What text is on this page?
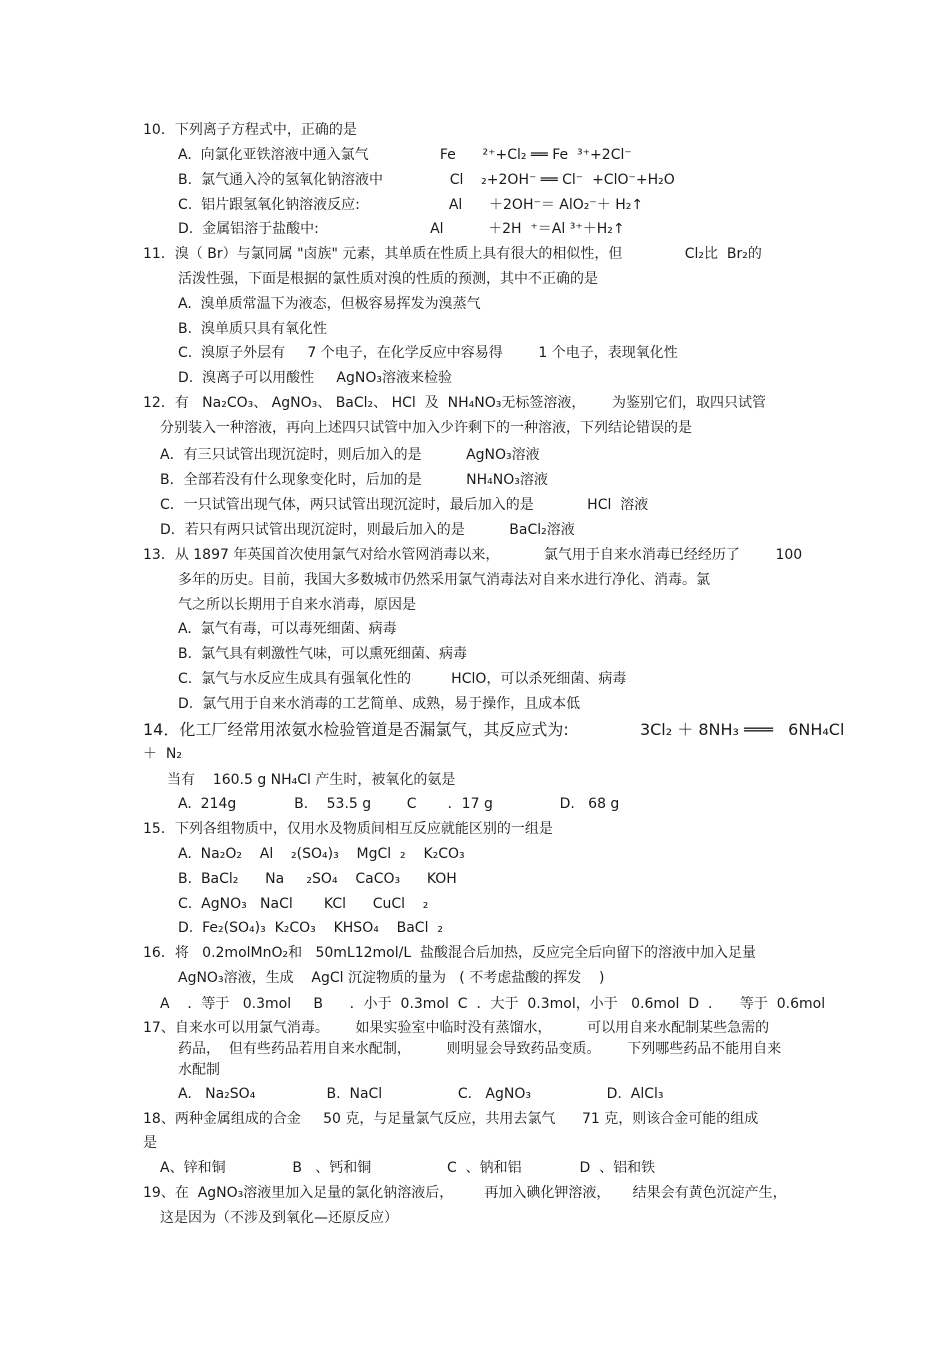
10．下列离子方程式中，正确的是
A.  向氯化亚铁溶液中通入氯气                Fe      ²⁺+Cl₂ ══ Fe  ³⁺+2Cl⁻
B.  氯气通入冷的氢氧化钠溶液中               Cl    ₂+2OH⁻ ══ Cl⁻  +ClO⁻+H₂O
C.  铝片跟氢氧化钠溶液反应:                    Al      ＋2OH⁻＝ AlO₂⁻＋ H₂↑
D.  金属铝溶于盐酸中:                         Al          ＋2H  ⁺＝Al ³⁺＋H₂↑
11．溴（ Br）与氯同属 "卤族" 元素，其单质在性质上具有很大的相似性，但              Cl₂比  Br₂的
活泼性强，下面是根据的氯性质对溴的性质的预测，其中不正确的是
A.  溴单质常温下为液态，但极容易挥发为溴蒸气
B.  溴单质只具有氧化性
C.  溴原子外层有     7 个电子，在化学反应中容易得        1 个电子，表现氧化性
D.  溴离子可以用酸性     AgNO₃溶液来检验
12．有   Na₂CO₃、 AgNO₃、 BaCl₂、 HCl  及  NH₄NO₃无标签溶液，      为鉴别它们，取四只试管
分别装入一种溶液，再向上述四只试管中加入少许剩下的一种溶液，下列结论错误的是
A．有三只试管出现沉淀时，则后加入的是          AgNO₃溶液
B．全部若没有什么现象变化时，后加的是          NH₄NO₃溶液
C．一只试管出现气体，两只试管出现沉淀时，最后加入的是            HCl  溶液
D．若只有两只试管出现沉淀时，则最后加入的是          BaCl₂溶液
13．从 1897 年英国首次使用氯气对给水管网消毒以来，          氯气用于自来水消毒已经经历了        100
多年的历史。目前，我国大多数城市仍然采用氯气消毒法对自来水进行净化、消毒。氯
气之所以长期用于自来水消毒，原因是
A.  氯气有毒，可以毒死细菌、病毒
B.  氯气具有刺激性气味，可以熏死细菌、病毒
C.  氯气与水反应生成具有强氧化性的         HClO，可以杀死细菌、病毒
D.  氯气用于自来水消毒的工艺简单、成熟，易于操作，且成本低
14．化工厂经常用浓氨水检验管道是否漏氯气，其反应式为:              3Cl₂ ＋ 8NH₃ ═══   6NH₄Cl
＋  N₂
当有    160.5 g NH₄Cl 产生时，被氧化的氨是
A.  214g             B．  53.5 g        C       ．17 g               D.   68 g
15．下列各组物质中，仅用水及物质间相互反应就能区别的一组是
A.  Na₂O₂    Al    ₂(SO₄)₃    MgCl  ₂    K₂CO₃
B.  BaCl₂      Na     ₂SO₄    CaCO₃      KOH
C.  AgNO₃   NaCl       KCl      CuCl    ₂
D.  Fe₂(SO₄)₃  K₂CO₃    KHSO₄    BaCl  ₂
16．将   0.2molMnO₂和   50mL12mol/L  盐酸混合后加热，反应完全后向留下的溶液中加入足量
AgNO₃溶液，生成    AgCl 沉淀物质的量为   ( 不考虑盐酸的挥发    )
A    ．等于   0.3mol     B      ．小于  0.3mol  C  ．大于  0.3mol，小于   0.6mol  D  ．    等于  0.6mol
17、自来水可以用氯气消毒。      如果实验室中临时没有蒸馏水，        可以用自来水配制某些急需的
药品，  但有些药品若用自来水配制，        则明显会导致药品变质。      下列哪些药品不能用自来
水配制
A.   Na₂SO₄                B.  NaCl                 C.   AgNO₃                 D.  AlCl₃
18、两种金属组成的合金     50 克，与足量氯气反应，共用去氯气      71 克，则该合金可能的组成
是
A、锌和铜               B   、钙和铜                 C  、钠和铝             D  、铝和铁
19、在  AgNO₃溶液里加入足量的氯化钠溶液后，       再加入碘化钾溶液，     结果会有黄色沉淀产生，
这是因为（不涉及到氧化—还原反应）
